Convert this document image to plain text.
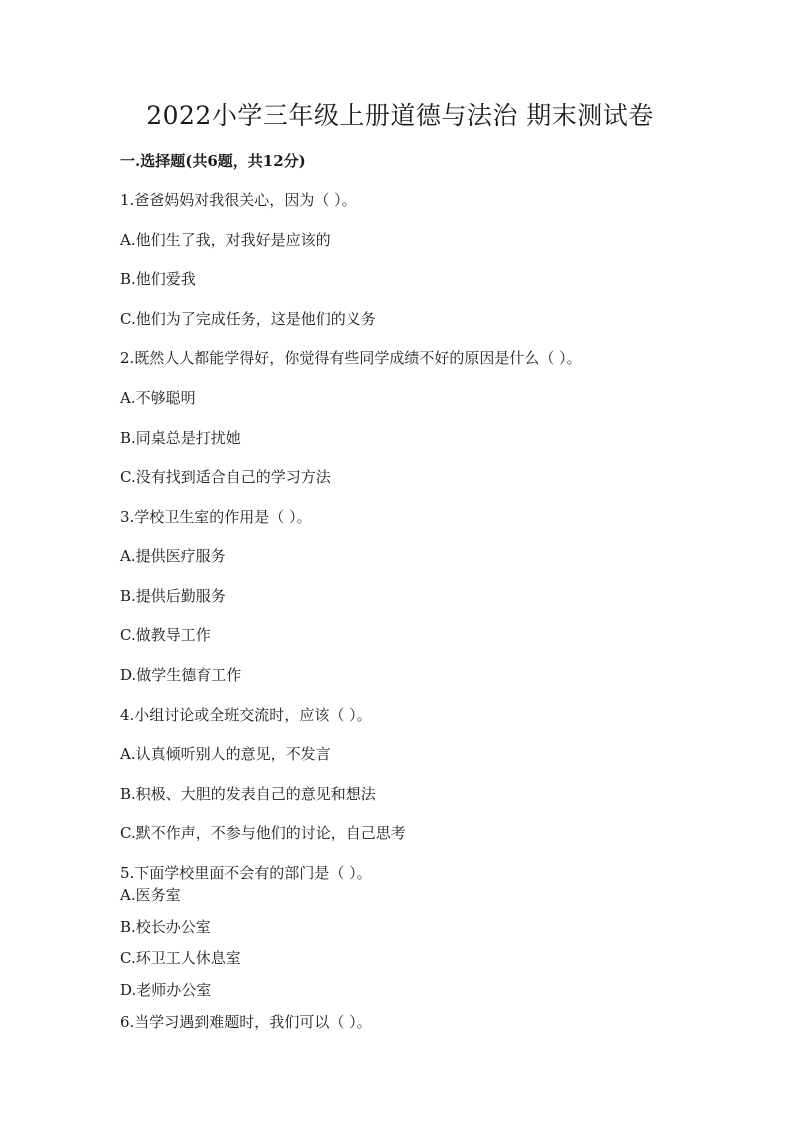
2022小学三年级上册道德与法治 期末测试卷
一.选择题(共6题，共12分)
1.爸爸妈妈对我很关心，因为（ ）。
A.他们生了我，对我好是应该的
B.他们爱我
C.他们为了完成任务，这是他们的义务
2.既然人人都能学得好，你觉得有些同学成绩不好的原因是什么（ ）。
A.不够聪明
B.同桌总是打扰她
C.没有找到适合自己的学习方法
3.学校卫生室的作用是（ ）。
A.提供医疗服务
B.提供后勤服务
C.做教导工作
D.做学生德育工作
4.小组讨论或全班交流时，应该（ ）。
A.认真倾听别人的意见，不发言
B.积极、大胆的发表自己的意见和想法
C.默不作声，不参与他们的讨论，自己思考
5.下面学校里面不会有的部门是（ ）。
A.医务室
B.校长办公室
C.环卫工人休息室
D.老师办公室
6.当学习遇到难题时，我们可以（ ）。
